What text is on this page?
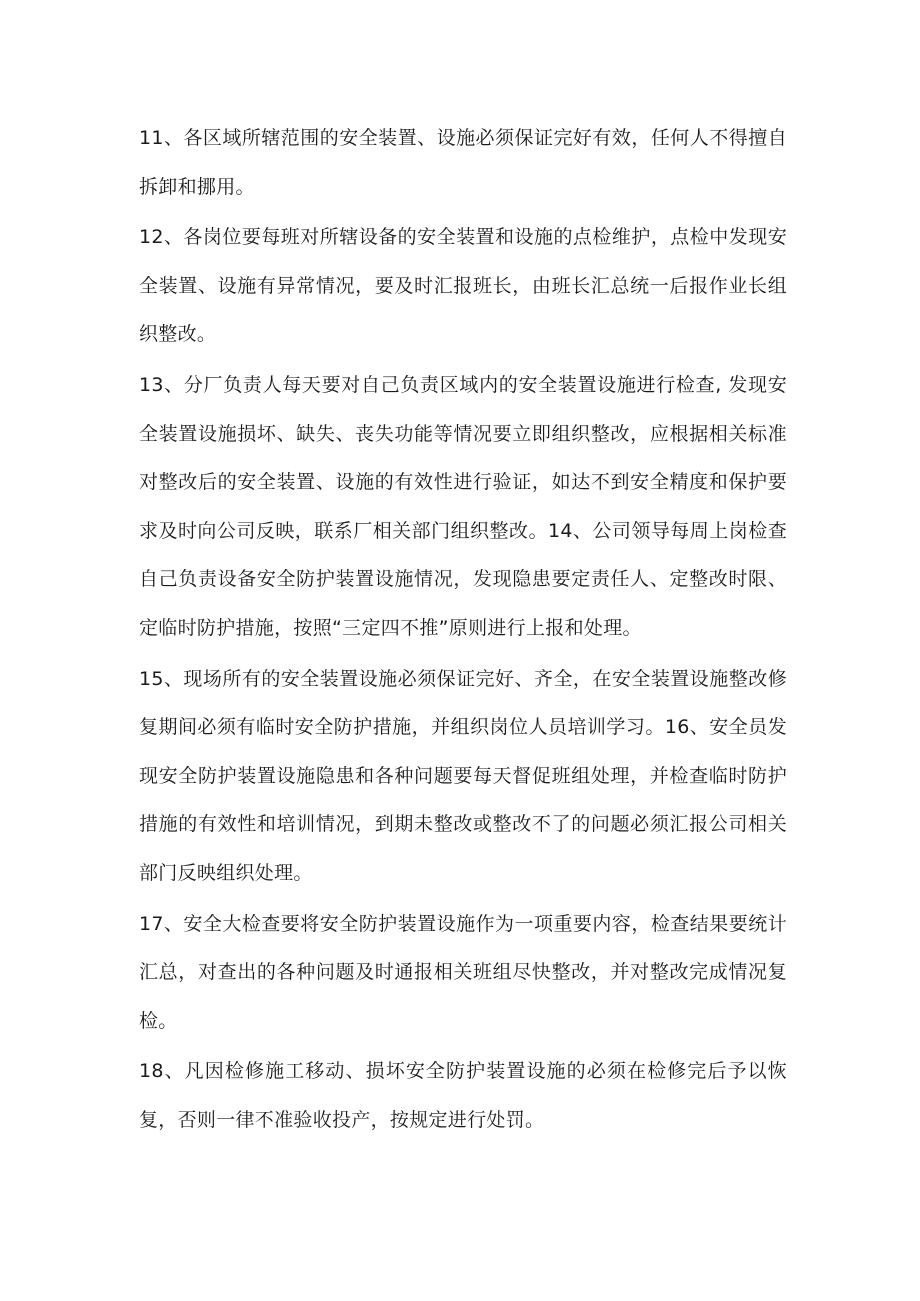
11、各区域所辖范围的安全装置、设施必须保证完好有效，任何人不得擅自拆卸和挪用。

12、各岗位要每班对所辖设备的安全装置和设施的点检维护，点检中发现安全装置、设施有异常情况，要及时汇报班长，由班长汇总统一后报作业长组织整改。

13、分厂负责人每天要对自己负责区域内的安全装置设施进行检查, 发现安全装置设施损坏、缺失、丧失功能等情况要立即组织整改，应根据相关标准对整改后的安全装置、设施的有效性进行验证，如达不到安全精度和保护要求及时向公司反映，联系厂相关部门组织整改。14、公司领导每周上岗检查自己负责设备安全防护装置设施情况，发现隐患要定责任人、定整改时限、定临时防护措施，按照“三定四不推”原则进行上报和处理。

15、现场所有的安全装置设施必须保证完好、齐全，在安全装置设施整改修复期间必须有临时安全防护措施，并组织岗位人员培训学习。16、安全员发现安全防护装置设施隐患和各种问题要每天督促班组处理，并检查临时防护措施的有效性和培训情况，到期未整改或整改不了的问题必须汇报公司相关部门反映组织处理。

17、安全大检查要将安全防护装置设施作为一项重要内容，检查结果要统计汇总，对查出的各种问题及时通报相关班组尽快整改，并对整改完成情况复检。

18、凡因检修施工移动、损坏安全防护装置设施的必须在检修完后予以恢复，否则一律不准验收投产，按规定进行处罚。
